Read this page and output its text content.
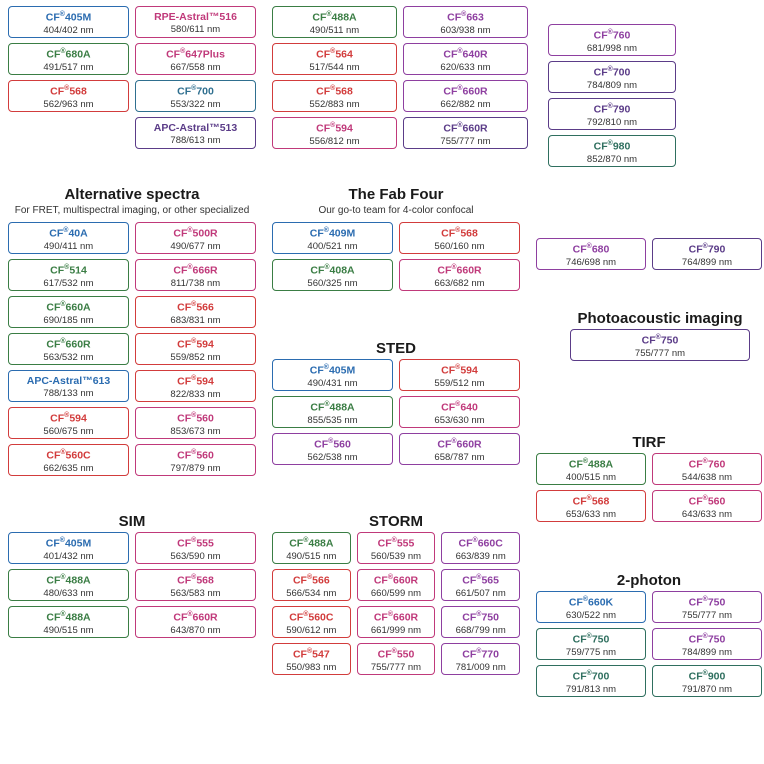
CF®405M
404/402 nm
RPE-Astral™516
580/611 nm
CF®680A
491/517 nm
CF®647Plus
667/558 nm
CF®568
562/963 nm
CF®700
553/322 nm
APC-Astral™513
788/613 nm
CF®488A
490/511 nm
CF®663
603/938 nm
CF®564
517/544 nm
CF®640R
620/633 nm
CF®568
552/883 nm
CF®660R
662/882 nm
CF®594
556/812 nm
CF®660R
755/777 nm
CF®760
681/998 nm
CF®700
784/809 nm
CF®790
792/810 nm
CF®980
852/870 nm
Alternative spectra
For FRET, multispectral imaging, or other specialized
CF®40A
490/411 nm
CF®500R
490/677 nm
CF®514
617/532 nm
CF®666R
811/738 nm
CF®660A
690/185 nm
CF®566
683/831 nm
CF®660R
563/532 nm
CF®594
559/852 nm
APC-Astral™613
788/133 nm
CF®594
822/833 nm
CF®594
560/675 nm
CF®560
853/673 nm
CF®560C
662/635 nm
CF®560
797/879 nm
The Fab Four
Our go-to team for 4-color confocal
CF®409M
400/521 nm
CF®568
560/160 nm
CF®408A
560/325 nm
CF®660R
663/682 nm
STED
CF®405M
490/431 nm
CF®594
559/512 nm
CF®488A
855/535 nm
CF®640
653/630 nm
CF®560
562/538 nm
CF®660R
658/787 nm
SIM
CF®405M
401/432 nm
CF®555
563/590 nm
CF®488A
480/633 nm
CF®568
563/583 nm
CF®488A
490/515 nm
CF®660R
643/870 nm
STORM
CF®488A
490/515 nm
CF®555
560/539 nm
CF®660C
663/839 nm
CF®566
566/534 nm
CF®660R
660/599 nm
CF®565
661/507 nm
CF®560C
590/612 nm
CF®660R
661/999 nm
CF®750
668/799 nm
CF®547
550/983 nm
CF®550
755/777 nm
CF®770
781/009 nm
CF®680
746/698 nm
CF®790
764/899 nm
Photoacoustic imaging
CF®750
755/777 nm
TIRF
CF®488A
400/515 nm
CF®760
544/638 nm
CF®568
653/633 nm
CF®560
643/633 nm
2-photon
CF®660K
630/522 nm
CF®750
755/777 nm
CF®750
759/775 nm
CF®750
784/899 nm
CF®700
791/813 nm
CF®900
791/870 nm
